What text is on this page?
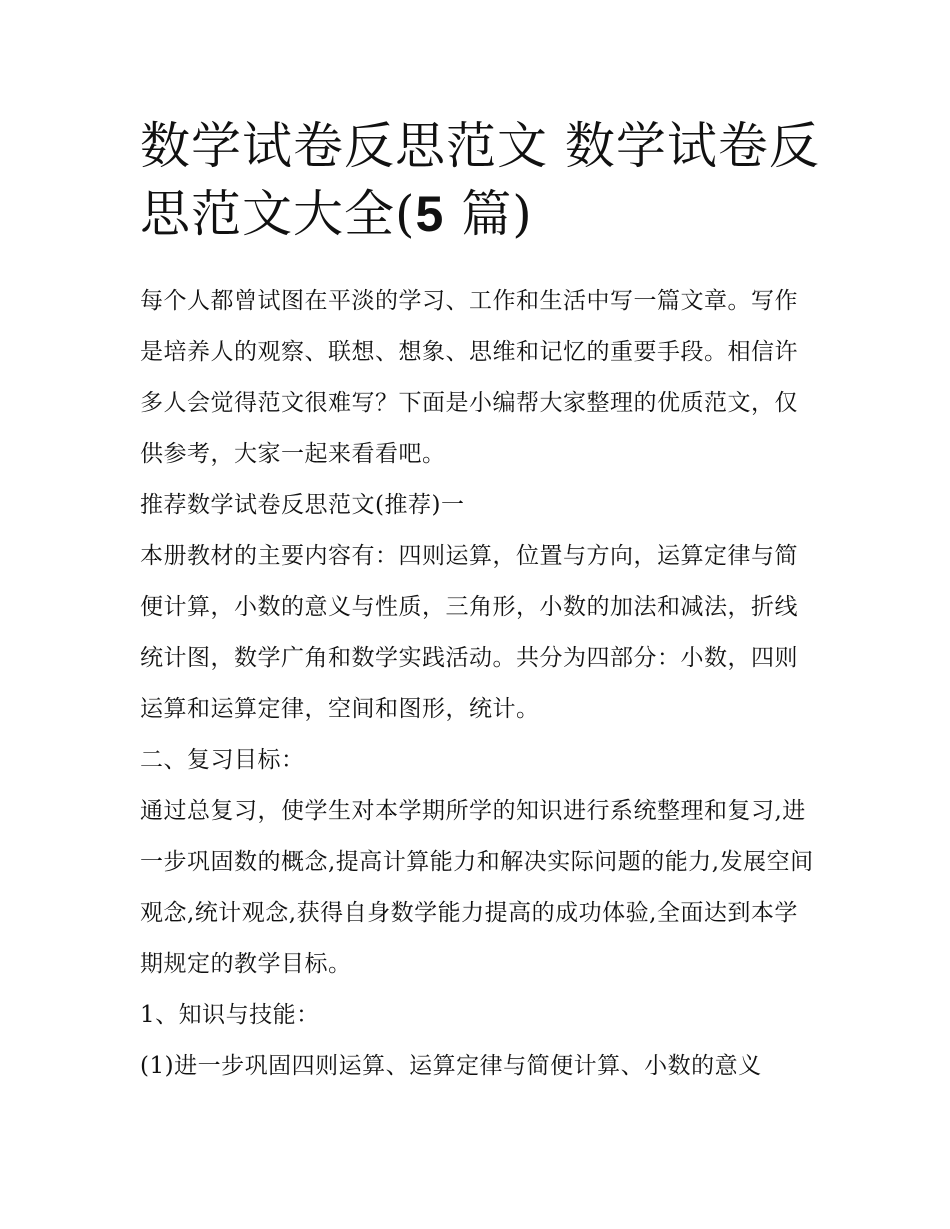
数学试卷反思范文 数学试卷反思范文大全(5 篇)

每个人都曾试图在平淡的学习、工作和生活中写一篇文章。写作是培养人的观察、联想、想象、思维和记忆的重要手段。相信许多人会觉得范文很难写？下面是小编帮大家整理的优质范文，仅供参考，大家一起来看看吧。

推荐数学试卷反思范文(推荐)一

本册教材的主要内容有：四则运算，位置与方向，运算定律与简便计算，小数的意义与性质，三角形，小数的加法和减法，折线统计图，数学广角和数学实践活动。共分为四部分：小数，四则运算和运算定律，空间和图形，统计。

二、复习目标：

通过总复习，使学生对本学期所学的知识进行系统整理和复习,进一步巩固数的概念,提高计算能力和解决实际问题的能力,发展空间观念,统计观念,获得自身数学能力提高的成功体验,全面达到本学期规定的教学目标。

1、知识与技能：

(1)进一步巩固四则运算、运算定律与简便计算、小数的意义
